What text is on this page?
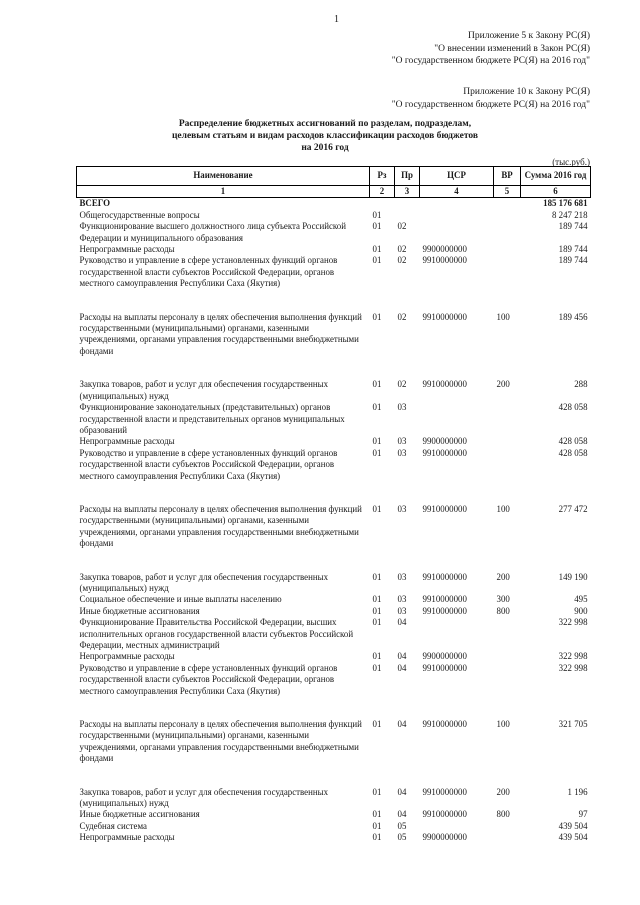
1
Приложение 5 к Закону РС(Я)
"О внесении изменений в Закон РС(Я)
"О государственном бюджете РС(Я) на 2016 год"
Приложение 10 к Закону РС(Я)
"О государственном бюджете РС(Я) на 2016 год"
Распределение бюджетных ассигнований по разделам, подразделам,
целевым статьям и видам расходов классификации расходов бюджетов
на 2016 год
(тыс.руб.)
Наименование	Рз	Пр	ЦСР	ВР	Сумма 2016 год
1	2	3	4	5	6
ВСЕГО					185 176 681
Общегосударственные вопросы	01				8 247 218
Функционирование высшего должностного лица субъекта Российской Федерации и муниципального образования	01	02			189 744
Непрограммные расходы	01	02	9900000000		189 744
Руководство и управление в сфере установленных функций органов государственной власти субъектов Российской Федерации, органов местного самоуправления Республики Саха (Якутия)	01	02	9910000000		189 744

Расходы на выплаты персоналу в целях обеспечения выполнения функций государственными (муниципальными) органами, казенными учреждениями, органами управления государственными внебюджетными фондами	01	02	9910000000	100	189 456

Закупка товаров, работ и услуг для обеспечения государственных (муниципальных) нужд	01	02	9910000000	200	288
Функционирование законодательных (представительных) органов государственной власти и представительных органов муниципальных образований	01	03			428 058
Непрограммные расходы	01	03	9900000000		428 058
Руководство и управление в сфере установленных функций органов государственной власти субъектов Российской Федерации, органов местного самоуправления Республики Саха (Якутия)	01	03	9910000000		428 058

Расходы на выплаты персоналу в целях обеспечения выполнения функций государственными (муниципальными) органами, казенными учреждениями, органами управления государственными внебюджетными фондами	01	03	9910000000	100	277 472

Закупка товаров, работ и услуг для обеспечения государственных (муниципальных) нужд	01	03	9910000000	200	149 190
Социальное обеспечение и иные выплаты населению	01	03	9910000000	300	495
Иные бюджетные ассигнования	01	03	9910000000	800	900
Функционирование Правительства Российской Федерации, высших исполнительных органов государственной власти субъектов Российской Федерации, местных администраций	01	04			322 998
Непрограммные расходы	01	04	9900000000		322 998
Руководство и управление в сфере установленных функций органов государственной власти субъектов Российской Федерации, органов местного самоуправления Республики Саха (Якутия)	01	04	9910000000		322 998

Расходы на выплаты персоналу в целях обеспечения выполнения функций государственными (муниципальными) органами, казенными учреждениями, органами управления государственными внебюджетными фондами	01	04	9910000000	100	321 705

Закупка товаров, работ и услуг для обеспечения государственных (муниципальных) нужд	01	04	9910000000	200	1 196
Иные бюджетные ассигнования	01	04	9910000000	800	97
Судебная система	01	05			439 504
Непрограммные расходы	01	05	9900000000		439 504
